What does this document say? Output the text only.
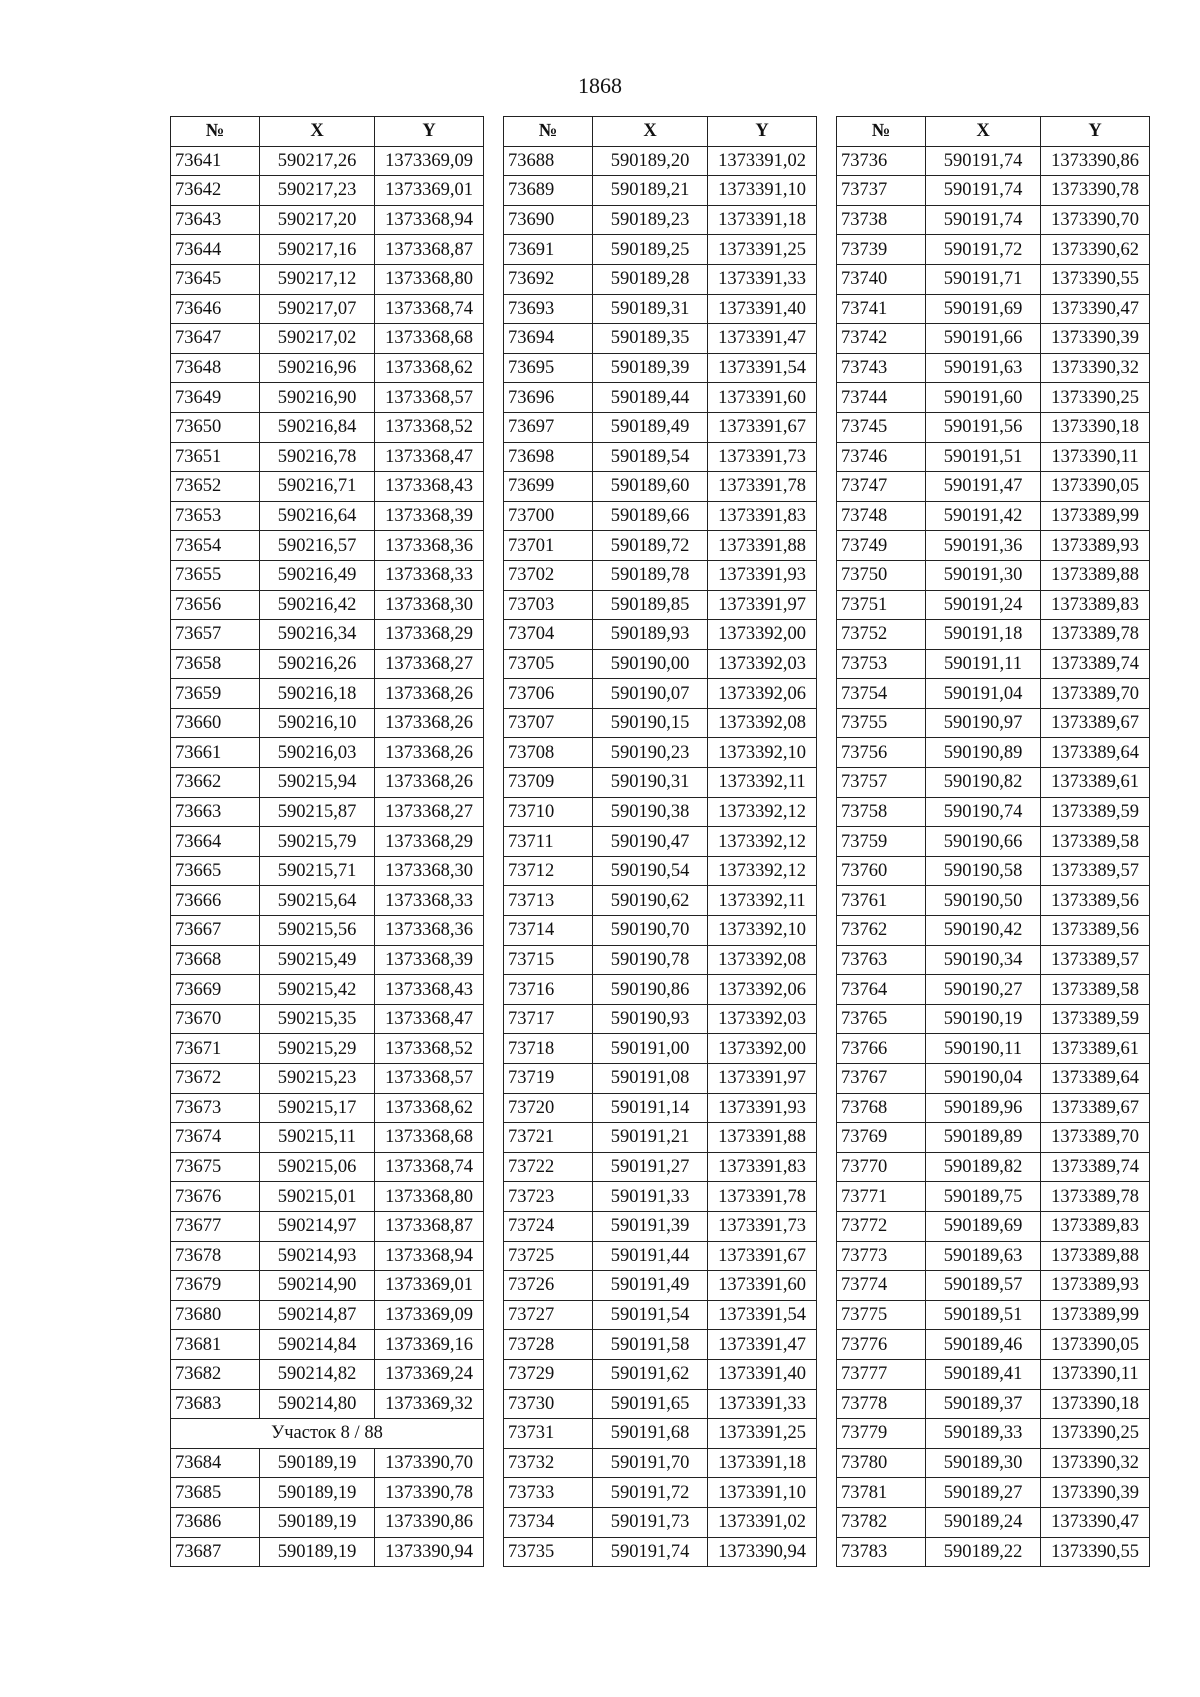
1868
№	X	Y
73641	590217,26	1373369,09
73642	590217,23	1373369,01
73643	590217,20	1373368,94
73644	590217,16	1373368,87
73645	590217,12	1373368,80
73646	590217,07	1373368,74
73647	590217,02	1373368,68
73648	590216,96	1373368,62
73649	590216,90	1373368,57
73650	590216,84	1373368,52
73651	590216,78	1373368,47
73652	590216,71	1373368,43
73653	590216,64	1373368,39
73654	590216,57	1373368,36
73655	590216,49	1373368,33
73656	590216,42	1373368,30
73657	590216,34	1373368,29
73658	590216,26	1373368,27
73659	590216,18	1373368,26
73660	590216,10	1373368,26
73661	590216,03	1373368,26
73662	590215,94	1373368,26
73663	590215,87	1373368,27
73664	590215,79	1373368,29
73665	590215,71	1373368,30
73666	590215,64	1373368,33
73667	590215,56	1373368,36
73668	590215,49	1373368,39
73669	590215,42	1373368,43
73670	590215,35	1373368,47
73671	590215,29	1373368,52
73672	590215,23	1373368,57
73673	590215,17	1373368,62
73674	590215,11	1373368,68
73675	590215,06	1373368,74
73676	590215,01	1373368,80
73677	590214,97	1373368,87
73678	590214,93	1373368,94
73679	590214,90	1373369,01
73680	590214,87	1373369,09
73681	590214,84	1373369,16
73682	590214,82	1373369,24
73683	590214,80	1373369,32
Участок 8 / 88		
73684	590189,19	1373390,70
73685	590189,19	1373390,78
73686	590189,19	1373390,86
73687	590189,19	1373390,94
№	X	Y
73688	590189,20	1373391,02
73689	590189,21	1373391,10
73690	590189,23	1373391,18
73691	590189,25	1373391,25
73692	590189,28	1373391,33
73693	590189,31	1373391,40
73694	590189,35	1373391,47
73695	590189,39	1373391,54
73696	590189,44	1373391,60
73697	590189,49	1373391,67
73698	590189,54	1373391,73
73699	590189,60	1373391,78
73700	590189,66	1373391,83
73701	590189,72	1373391,88
73702	590189,78	1373391,93
73703	590189,85	1373391,97
73704	590189,93	1373392,00
73705	590190,00	1373392,03
73706	590190,07	1373392,06
73707	590190,15	1373392,08
73708	590190,23	1373392,10
73709	590190,31	1373392,11
73710	590190,38	1373392,12
73711	590190,47	1373392,12
73712	590190,54	1373392,12
73713	590190,62	1373392,11
73714	590190,70	1373392,10
73715	590190,78	1373392,08
73716	590190,86	1373392,06
73717	590190,93	1373392,03
73718	590191,00	1373392,00
73719	590191,08	1373391,97
73720	590191,14	1373391,93
73721	590191,21	1373391,88
73722	590191,27	1373391,83
73723	590191,33	1373391,78
73724	590191,39	1373391,73
73725	590191,44	1373391,67
73726	590191,49	1373391,60
73727	590191,54	1373391,54
73728	590191,58	1373391,47
73729	590191,62	1373391,40
73730	590191,65	1373391,33
73731	590191,68	1373391,25
73732	590191,70	1373391,18
73733	590191,72	1373391,10
73734	590191,73	1373391,02
73735	590191,74	1373390,94
№	X	Y
73736	590191,74	1373390,86
73737	590191,74	1373390,78
73738	590191,74	1373390,70
73739	590191,72	1373390,62
73740	590191,71	1373390,55
73741	590191,69	1373390,47
73742	590191,66	1373390,39
73743	590191,63	1373390,32
73744	590191,60	1373390,25
73745	590191,56	1373390,18
73746	590191,51	1373390,11
73747	590191,47	1373390,05
73748	590191,42	1373389,99
73749	590191,36	1373389,93
73750	590191,30	1373389,88
73751	590191,24	1373389,83
73752	590191,18	1373389,78
73753	590191,11	1373389,74
73754	590191,04	1373389,70
73755	590190,97	1373389,67
73756	590190,89	1373389,64
73757	590190,82	1373389,61
73758	590190,74	1373389,59
73759	590190,66	1373389,58
73760	590190,58	1373389,57
73761	590190,50	1373389,56
73762	590190,42	1373389,56
73763	590190,34	1373389,57
73764	590190,27	1373389,58
73765	590190,19	1373389,59
73766	590190,11	1373389,61
73767	590190,04	1373389,64
73768	590189,96	1373389,67
73769	590189,89	1373389,70
73770	590189,82	1373389,74
73771	590189,75	1373389,78
73772	590189,69	1373389,83
73773	590189,63	1373389,88
73774	590189,57	1373389,93
73775	590189,51	1373389,99
73776	590189,46	1373390,05
73777	590189,41	1373390,11
73778	590189,37	1373390,18
73779	590189,33	1373390,25
73780	590189,30	1373390,32
73781	590189,27	1373390,39
73782	590189,24	1373390,47
73783	590189,22	1373390,55
